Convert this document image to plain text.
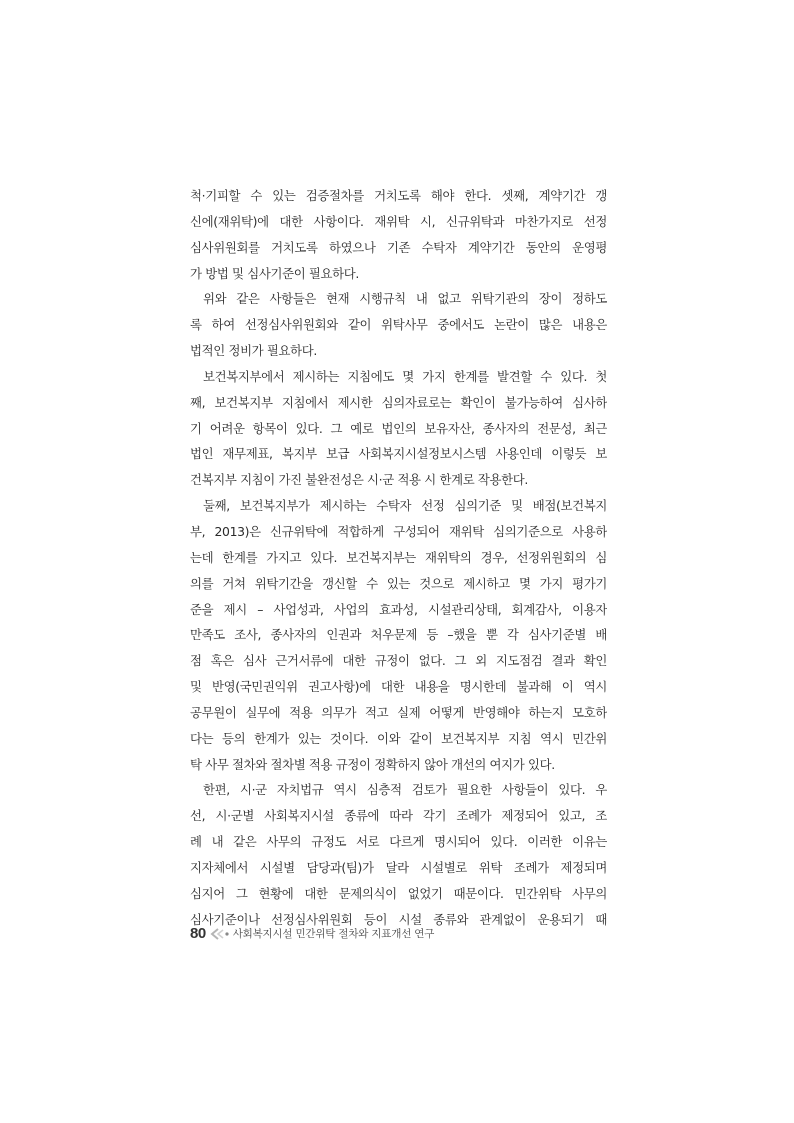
척·기피할 수 있는 검증절차를 거치도록 해야 한다. 셋째, 계약기간 갱
신에(재위탁)에 대한 사항이다. 재위탁 시, 신규위탁과 마찬가지로 선정
심사위원회를 거치도록 하였으나 기존 수탁자 계약기간 동안의 운영평
가 방법 및 심사기준이 필요하다.
위와 같은 사항들은 현재 시행규칙 내 없고 위탁기관의 장이 정하도
록 하여 선정심사위원회와 같이 위탁사무 중에서도 논란이 많은 내용은
법적인 정비가 필요하다.
보건복지부에서 제시하는 지침에도 몇 가지 한계를 발견할 수 있다. 첫
째, 보건복지부 지침에서 제시한 심의자료로는 확인이 불가능하여 심사하
기 어려운 항목이 있다. 그 예로 법인의 보유자산, 종사자의 전문성, 최근
법인 재무제표, 복지부 보급 사회복지시설정보시스템 사용인데 이렇듯 보
건복지부 지침이 가진 불완전성은 시·군 적용 시 한계로 작용한다.
둘째, 보건복지부가 제시하는 수탁자 선정 심의기준 및 배점(보건복지
부, 2013)은 신규위탁에 적합하게 구성되어 재위탁 심의기준으로 사용하
는데 한계를 가지고 있다. 보건복지부는 재위탁의 경우, 선정위원회의 심
의를 거쳐 위탁기간을 갱신할 수 있는 것으로 제시하고 몇 가지 평가기
준을 제시 – 사업성과, 사업의 효과성, 시설관리상태, 회계감사, 이용자
만족도 조사, 종사자의 인권과 처우문제 등 –했을 뿐 각 심사기준별 배
점 혹은 심사 근거서류에 대한 규정이 없다. 그 외 지도점검 결과 확인
및 반영(국민권익위 권고사항)에 대한 내용을 명시한데 불과해 이 역시
공무원이 실무에 적용 의무가 적고 실제 어떻게 반영해야 하는지 모호하
다는 등의 한계가 있는 것이다. 이와 같이 보건복지부 지침 역시 민간위
탁 사무 절차와 절차별 적용 규정이 정확하지 않아 개선의 여지가 있다.
한편, 시·군 자치법규 역시 심층적 검토가 필요한 사항들이 있다. 우
선, 시·군별 사회복지시설 종류에 따라 각기 조례가 제정되어 있고, 조
례 내 같은 사무의 규정도 서로 다르게 명시되어 있다. 이러한 이유는
지자체에서 시설별 담당과(팀)가 달라 시설별로 위탁 조례가 제정되며
심지어 그 현황에 대한 문제의식이 없었기 때문이다. 민간위탁 사무의
심사기준이나 선정심사위원회 등이 시설 종류와 관계없이 운용되기 때
80	사회복지시설 민간위탁 절차와 지표개선 연구
